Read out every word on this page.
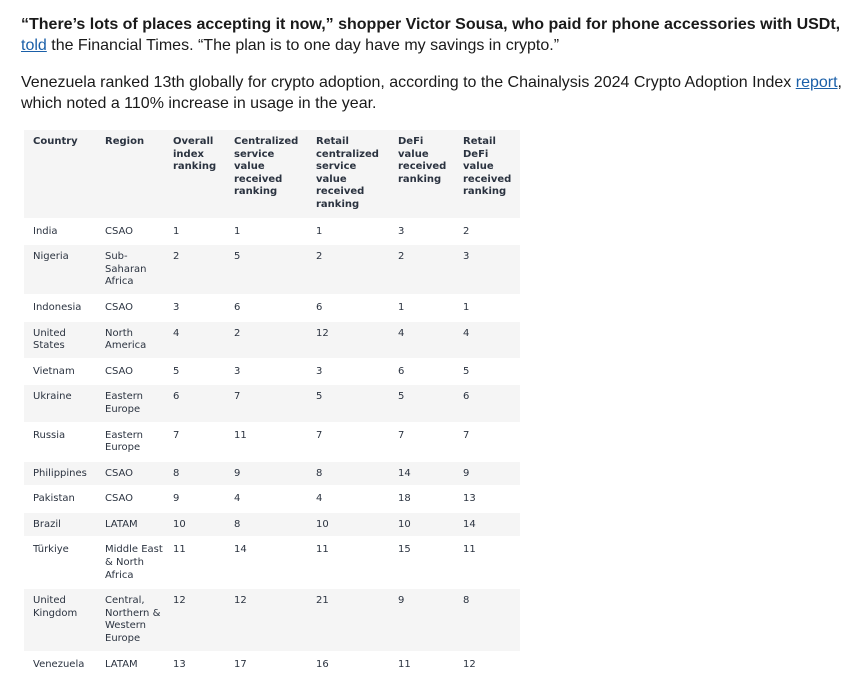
“There’s lots of places accepting it now,” shopper Victor Sousa, who paid for phone accessories with USDt, told the Financial Times. “The plan is to one day have my savings in crypto.”

Venezuela ranked 13th globally for crypto adoption, according to the Chainalysis 2024 Crypto Adoption Index report, which noted a 110% increase in usage in the year.

Country	Region	Overall index ranking	Centralized service value received ranking	Retail centralized service value received ranking	DeFi value received ranking	Retail DeFi value received ranking
India	CSAO	1	1	1	3	2
Nigeria	Sub-Saharan Africa	2	5	2	2	3
Indonesia	CSAO	3	6	6	1	1
United States	North America	4	2	12	4	4
Vietnam	CSAO	5	3	3	6	5
Ukraine	Eastern Europe	6	7	5	5	6
Russia	Eastern Europe	7	11	7	7	7
Philippines	CSAO	8	9	8	14	9
Pakistan	CSAO	9	4	4	18	13
Brazil	LATAM	10	8	10	10	14
Türkiye	Middle East & North Africa	11	14	11	15	11
United Kingdom	Central, Northern & Western Europe	12	12	21	9	8
Venezuela	LATAM	13	17	16	11	12
